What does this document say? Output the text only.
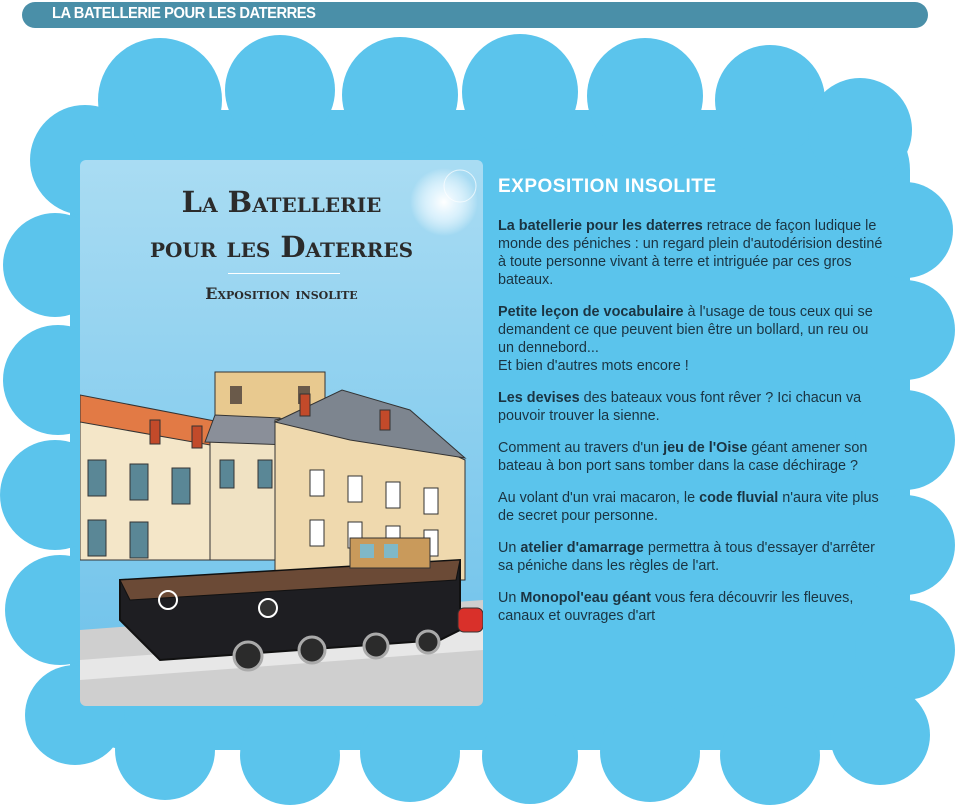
LA BATELLERIE POUR LES DATERRES
La Batellerie
pour les Daterres
Exposition insolite
EXPOSITION INSOLITE

La batellerie pour les daterres retrace de façon ludique le monde des péniches : un regard plein d'autodérision destiné à toute personne vivant à terre et intriguée par ces gros bateaux.

Petite leçon de vocabulaire à l'usage de tous ceux qui se demandent ce que peuvent bien être un bollard, un reu ou un dennebord...
Et bien d'autres mots encore !

Les devises des bateaux vous font rêver ? Ici chacun va pouvoir trouver la sienne.

Comment au travers d'un jeu de l'Oise géant amener son bateau à bon port sans tomber dans la case déchirage ?

Au volant d'un vrai macaron, le code fluvial n'aura vite plus de secret pour personne.

Un atelier d'amarrage permettra à tous d'essayer d'arrêter sa péniche dans les règles de l'art.

Un Monopol'eau géant vous fera découvrir les fleuves, canaux et ouvrages d'art
